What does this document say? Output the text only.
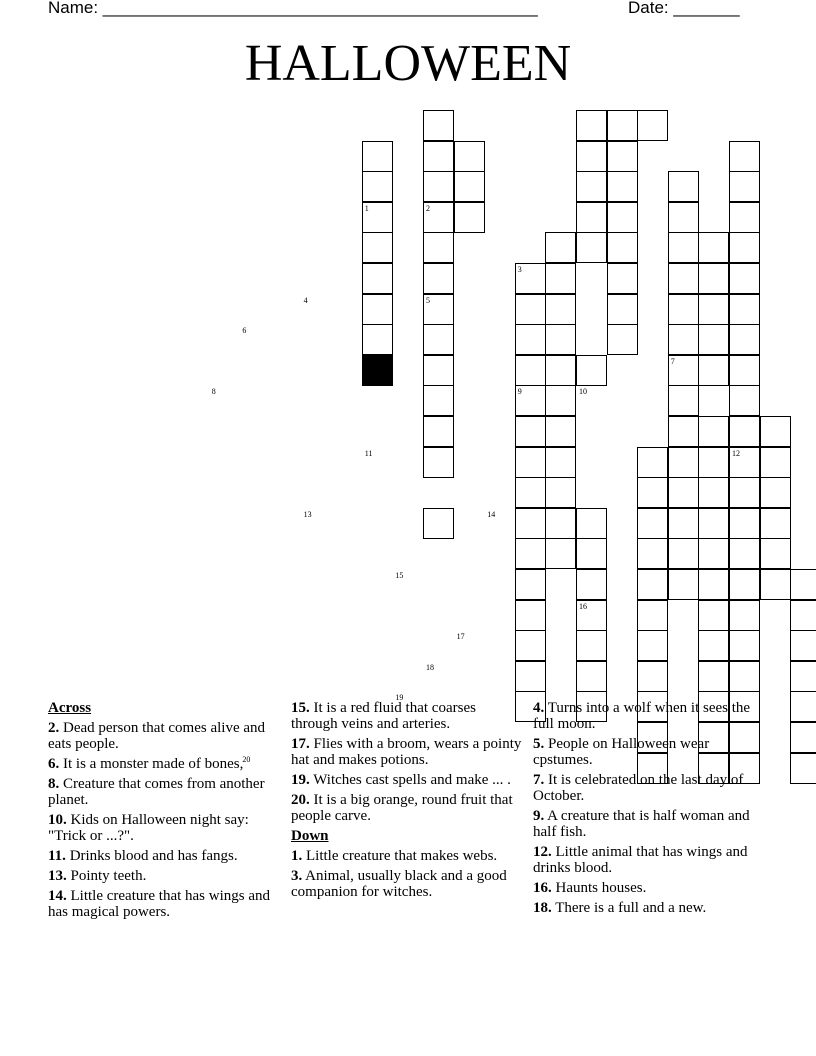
Name: ______________________________________________	Date: _______
HALLOWEEN
1	2
3
4	5
6
7
8	9	10
11	12
13	14
15
16
17
18
19
20
Across
2. Dead person that comes alive and eats people.
6. It is a monster made of bones,
8. Creature that comes from another planet.
10. Kids on Halloween night say: "Trick or ...?".
11. Drinks blood and has fangs.
13. Pointy teeth.
14. Little creature that has wings and has magical powers.
15. It is a red fluid that coarses through veins and arteries.
17. Flies with a broom, wears a pointy hat and makes potions.
19. Witches cast spells and make ... .
20. It is a big orange, round fruit that people carve.
Down
1. Little creature that makes webs.
3. Animal, usually black and a good companion for witches.
4. Turns into a wolf when it sees the full moon.
5. People on Halloween wear cpstumes.
7. It is celebrated on the last day of October.
9. A creature that is half woman and half fish.
12. Little animal that has wings and drinks blood.
16. Haunts houses.
18. There is a full and a new.
